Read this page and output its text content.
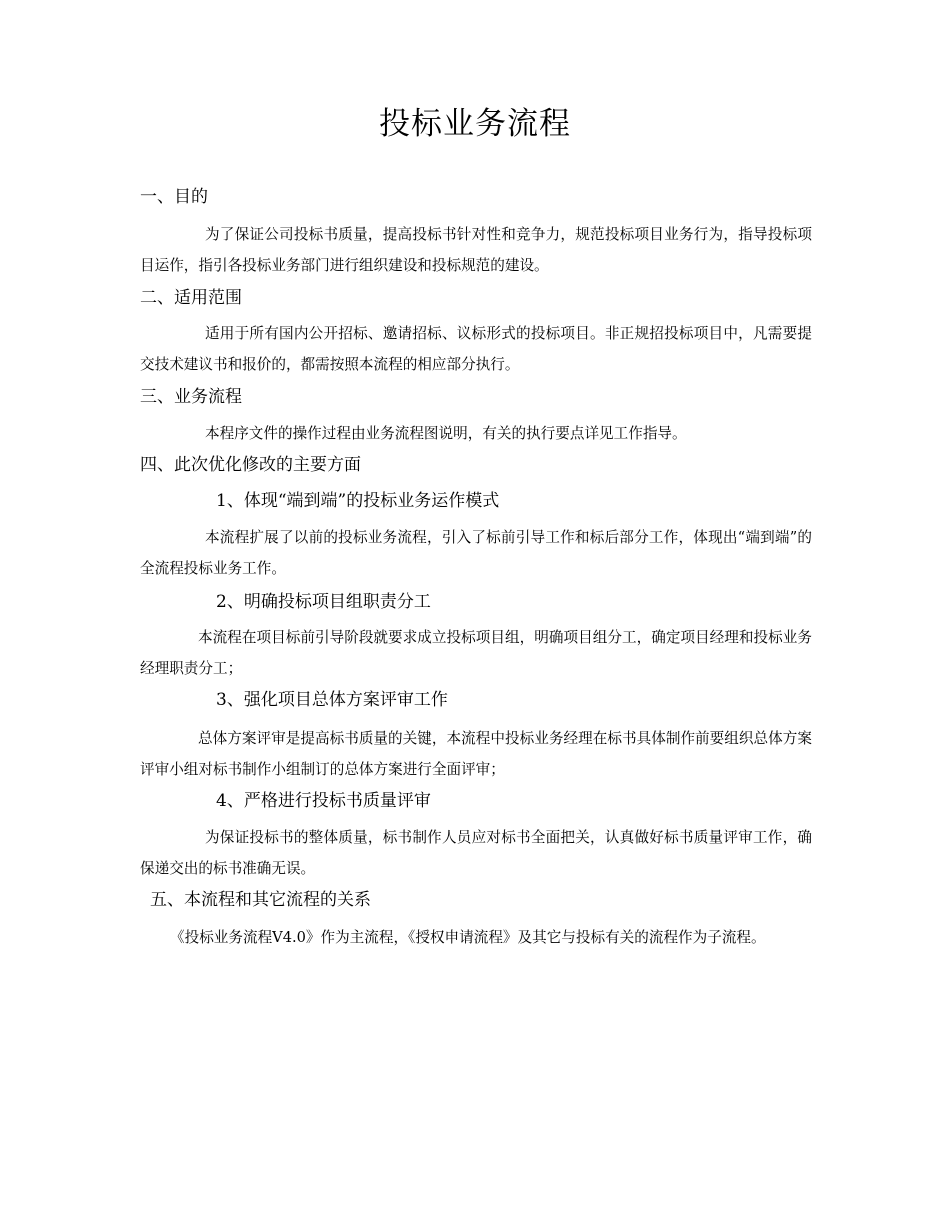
投标业务流程
一、目的
为了保证公司投标书质量，提高投标书针对性和竞争力，规范投标项目业务行为，指导投标项目运作，指引各投标业务部门进行组织建设和投标规范的建设。
二、适用范围
适用于所有国内公开招标、邀请招标、议标形式的投标项目。非正规招投标项目中，凡需要提交技术建议书和报价的，都需按照本流程的相应部分执行。
三、业务流程
本程序文件的操作过程由业务流程图说明，有关的执行要点详见工作指导。
四、此次优化修改的主要方面
1、体现“端到端”的投标业务运作模式
本流程扩展了以前的投标业务流程，引入了标前引导工作和标后部分工作，体现出“端到端”的全流程投标业务工作。
2、明确投标项目组职责分工
本流程在项目标前引导阶段就要求成立投标项目组，明确项目组分工，确定项目经理和投标业务经理职责分工；
3、强化项目总体方案评审工作
总体方案评审是提高标书质量的关键，本流程中投标业务经理在标书具体制作前要组织总体方案评审小组对标书制作小组制订的总体方案进行全面评审；
4、严格进行投标书质量评审
为保证投标书的整体质量，标书制作人员应对标书全面把关，认真做好标书质量评审工作，确保递交出的标书准确无误。
五、本流程和其它流程的关系
《投标业务流程V4.0》作为主流程，《授权申请流程》及其它与投标有关的流程作为子流程。
